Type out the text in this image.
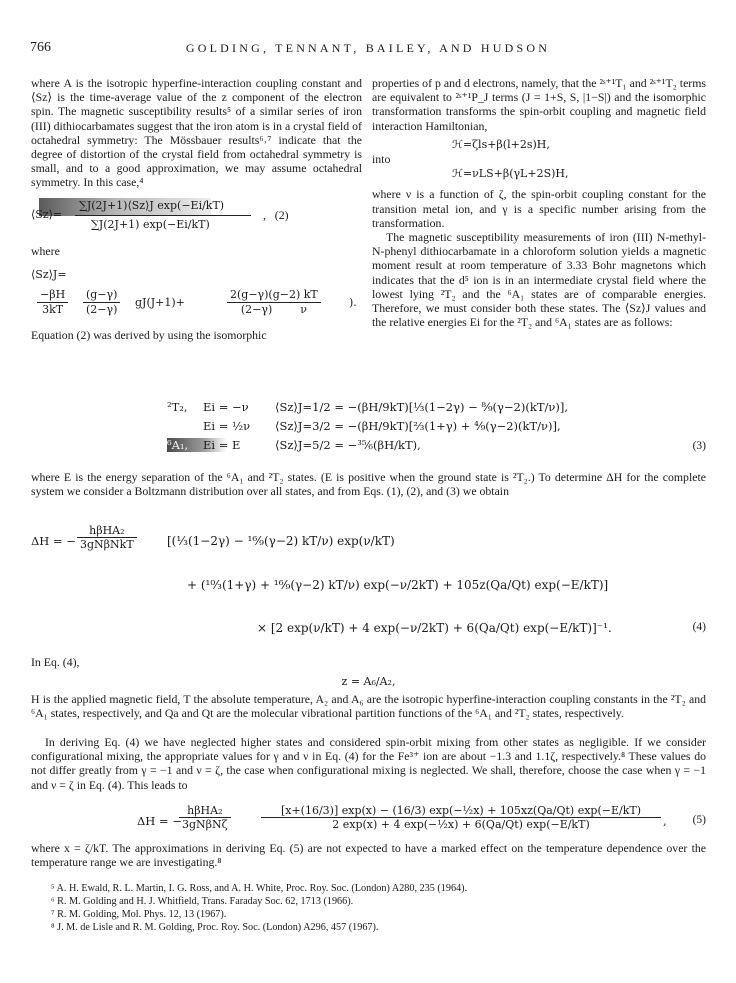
766	GOLDING, TENNANT, BAILEY, AND HUDSON
where A is the isotropic hyperfine-interaction coupling constant and ⟨Sz⟩ is the time-average value of the z component of the electron spin. The magnetic susceptibility results⁵ of a similar series of iron (III) dithiocarbamates suggest that the iron atom is in a crystal field of octahedral symmetry: The Mössbauer results⁶˒⁷ indicate that the degree of distortion of the crystal field from octahedral symmetry is small, and to a good approximation, we may assume octahedral symmetry. In this case,⁴
⟨Sz⟩=
∑J(2J+1)⟨Sz⟩J exp(−Ei/kT)
∑J(2J+1) exp(−Ei/kT)
,   (2)
where
⟨Sz⟩J=
$\frac{-\beta H}{3kT} \frac{(g-\gamma)}{(2-\gamma)} gJ(J+1)+$	$\frac{2(g-\gamma)(g-2) kT}{(2-\gamma) \nu}$	).
Equation (2) was derived by using the isomorphic
properties of p and d electrons, namely, that the ²ˢ⁺¹T₁ and ²ˢ⁺¹T₂ terms are equivalent to ²ˢ⁺¹P_J terms (J = 1+S, S, |1−S|) and the isomorphic transformation transforms the spin-orbit coupling and magnetic field interaction Hamiltonian,
ℋ=ζls+β(l+2s)H,
into
ℋ=νLS+β(γL+2S)H,
where ν is a function of ζ, the spin-orbit coupling constant for the transition metal ion, and γ is a specific number arising from the transformation.
The magnetic susceptibility measurements of iron (III) N-methyl-N-phenyl dithiocarbamate in a chloroform solution yields a magnetic moment result at room temperature of 3.33 Bohr magnetons which indicates that the d⁵ ion is in an intermediate crystal field where the lowest lying ²T₂ and the ⁶A₁ states are of comparable energies. Therefore, we must consider both these states. The ⟨Sz⟩J values and the relative energies Ei for the ²T₂ and ⁶A₁ states are as follows:
²T₂, Ei = −ν ⟨Sz⟩J=1/2 = −(βH/9kT)[⅓(1−2γ) − ⁸⁄₉(γ−2)(kT/ν)],
Ei = ½ν ⟨Sz⟩J=3/2 = −(βH/9kT)[⅔(1+γ) + ⁴⁄₉(γ−2)(kT/ν)],
⁶A₁, Ei = E	⟨Sz⟩J=5/2 = −³⁵⁄₆(βH/kT),	(3)
where E is the energy separation of the ⁶A₁ and ²T₂ states. (E is positive when the ground state is ²T₂.) To determine ΔH for the complete system we consider a Boltzmann distribution over all states, and from Eqs. (1), (2), and (3) we obtain
ΔH = −
hβHA₂
3gNβNkT	[(⅓(1−2γ) − ¹⁶⁄₉(γ−2) kT/ν) exp(ν/kT)
+ (¹⁰⁄₃(1+γ) + ¹⁶⁄₉(γ−2) kT/ν) exp(−ν/2kT) + 105z(Qa/Qt) exp(−E/kT)]
× [2 exp(ν/kT) + 4 exp(−ν/2kT) + 6(Qa/Qt) exp(−E/kT)]⁻¹.	(4)
In Eq. (4),
z = A₆/A₂,
H is the applied magnetic field, T the absolute temperature, A₂ and A₆ are the isotropic hyperfine-interaction coupling constants in the ²T₂ and ⁶A₁ states, respectively, and Qa and Qt are the molecular vibrational partition functions of the ⁶A₁ and ²T₂ states, respectively.
In deriving Eq. (4) we have neglected higher states and considered spin-orbit mixing from other states as negligible. If we consider configurational mixing, the appropriate values for γ and ν in Eq. (4) for the Fe³⁺ ion are about −1.3 and 1.1ζ, respectively.⁸ These values do not differ greatly from γ = −1 and ν = ζ, the case when configurational mixing is neglected. We shall, therefore, choose the case when γ = −1 and ν = ζ in Eq. (4). This leads to
ΔH = −
hβHA₂
3gNβNζ
[x+(16/3)] exp(x) − (16/3) exp(−½x) + 105xz(Qa/Qt) exp(−E/kT)
2 exp(x) + 4 exp(−½x) + 6(Qa/Qt) exp(−E/kT)	, (5)
where x = ζ/kT. The approximations in deriving Eq. (5) are not expected to have a marked effect on the temperature dependence over the temperature range we are investigating.⁸
⁵ A. H. Ewald, R. L. Martin, I. G. Ross, and A. H. White, Proc. Roy. Soc. (London) A280, 235 (1964).
⁶ R. M. Golding and H. J. Whitfield, Trans. Faraday Soc. 62, 1713 (1966).
⁷ R. M. Golding, Mol. Phys. 12, 13 (1967).
⁸ J. M. de Lisle and R. M. Golding, Proc. Roy. Soc. (London) A296, 457 (1967).
